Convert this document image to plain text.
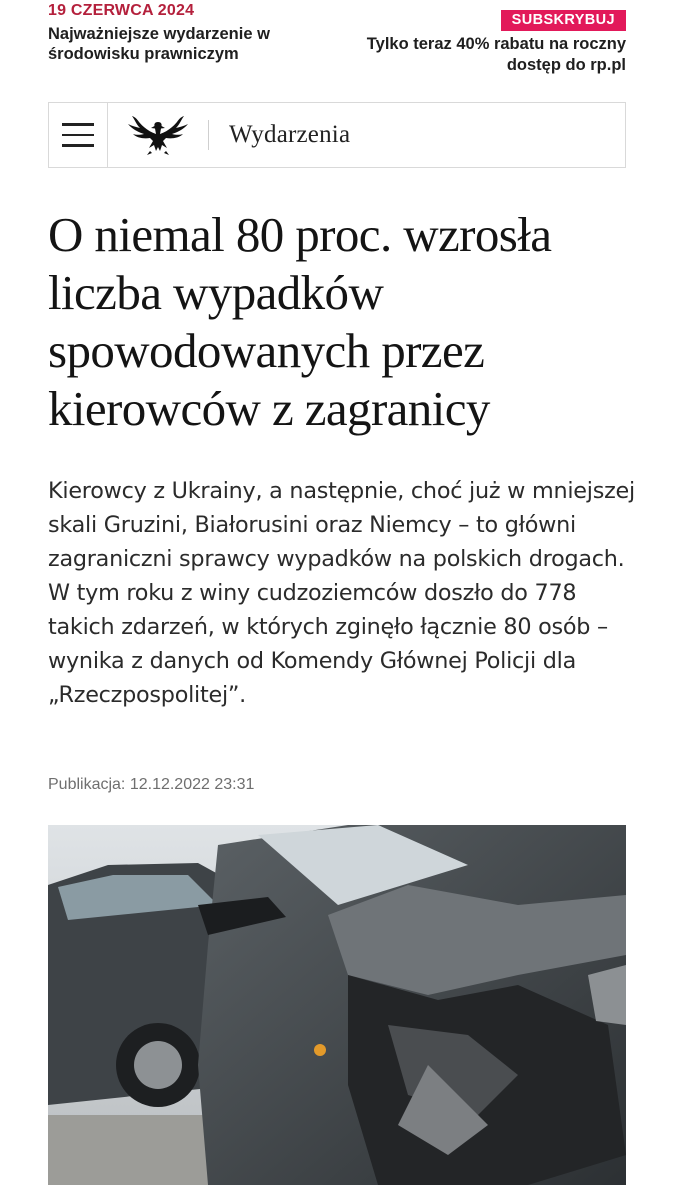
19 CZERWCA 2024
Najważniejsze wydarzenie w środowisku prawniczym
SUBSKRYBUJ
Tylko teraz 40% rabatu na roczny dostęp do rp.pl
Wydarzenia
O niemal 80 proc. wzrosła liczba wypadków spowodowanych przez kierowców z zagranicy

Kierowcy z Ukrainy, a następnie, choć już w mniejszej skali Gruzini, Białorusini oraz Niemcy – to główni zagraniczni sprawcy wypadków na polskich drogach. W tym roku z winy cudzoziemców doszło do 778 takich zdarzeń, w których zginęło łącznie 80 osób – wynika z danych od Komendy Głównej Policji dla „Rzeczpospolitej”.

Publikacja: 12.12.2022 23:31
